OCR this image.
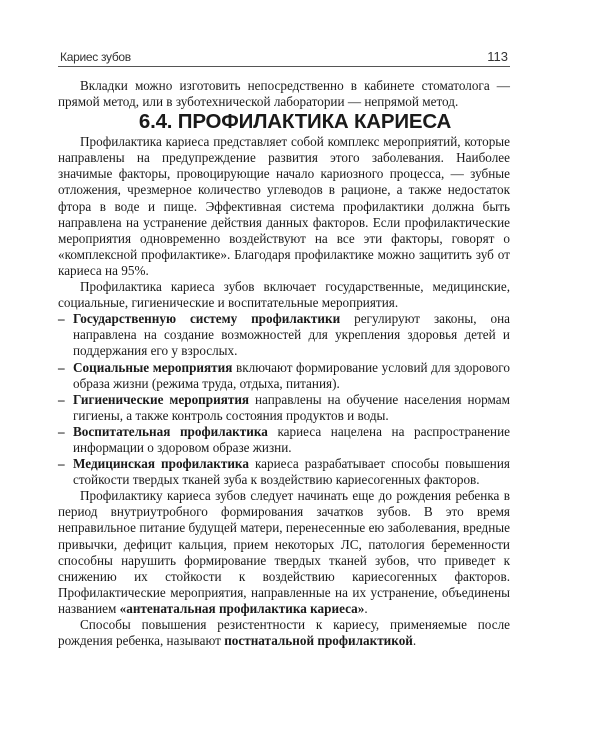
Кариес зубов	113

Вкладки можно изготовить непосредственно в кабинете стоматолога — прямой метод, или в зуботехнической лаборатории — непрямой метод.

6.4. ПРОФИЛАКТИКА КАРИЕСА

Профилактика кариеса представляет собой комплекс мероприятий, которые направлены на предупреждение развития этого заболевания. Наиболее значимые факторы, провоцирующие начало кариозного процесса, — зубные отложения, чрезмерное количество углеводов в рационе, а также недостаток фтора в воде и пище. Эффективная система профилактики должна быть направлена на устранение действия данных факторов. Если профилактические мероприятия одновременно воздействуют на все эти факторы, говорят о «комплексной профилактике». Благодаря профилактике можно защитить зуб от кариеса на 95%.

Профилактика кариеса зубов включает государственные, медицинские, социальные, гигиенические и воспитательные мероприятия.

– Государственную систему профилактики регулируют законы, она направлена на создание возможностей для укрепления здоровья детей и поддержания его у взрослых.
– Социальные мероприятия включают формирование условий для здорового образа жизни (режима труда, отдыха, питания).
– Гигиенические мероприятия направлены на обучение населения нормам гигиены, а также контроль состояния продуктов и воды.
– Воспитательная профилактика кариеса нацелена на распространение информации о здоровом образе жизни.
– Медицинская профилактика кариеса разрабатывает способы повышения стойкости твердых тканей зуба к воздействию кариесогенных факторов.

Профилактику кариеса зубов следует начинать еще до рождения ребенка в период внутриутробного формирования зачатков зубов. В это время неправильное питание будущей матери, перенесенные ею заболевания, вредные привычки, дефицит кальция, прием некоторых ЛС, патология беременности способны нарушить формирование твердых тканей зубов, что приведет к снижению их стойкости к воздействию кариесогенных факторов. Профилактические мероприятия, направленные на их устранение, объединены названием «антенатальная профилактика кариеса».

Способы повышения резистентности к кариесу, применяемые после рождения ребенка, называют постнатальной профилактикой.
